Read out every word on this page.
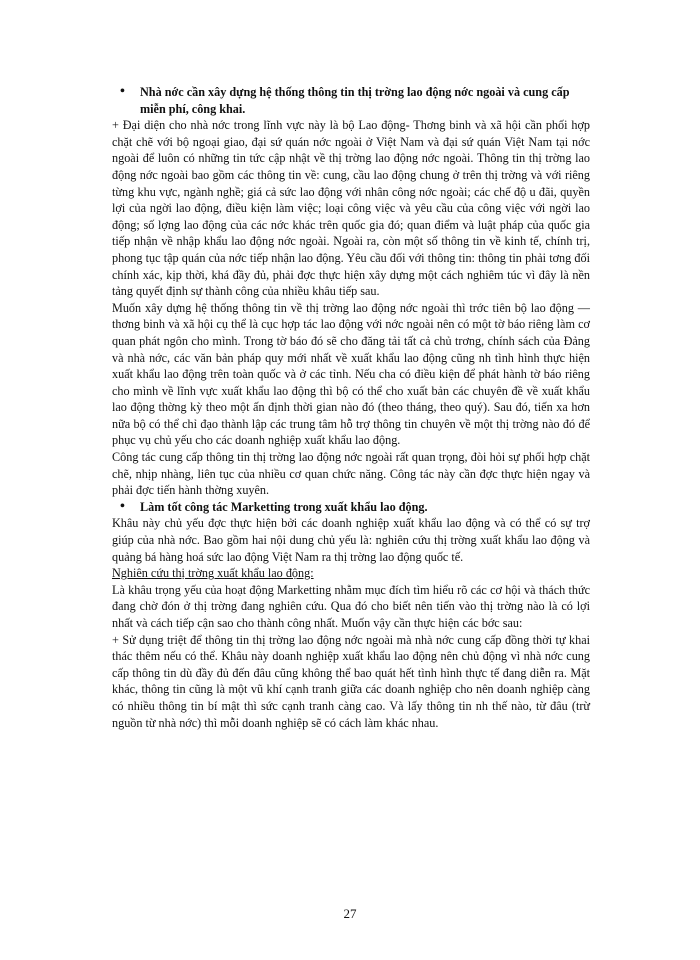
• Nhà nớc cần xây dựng hệ thống thông tin thị trờng lao động nớc ngoài và cung cấp miễn phí, công khai.

+ Đại diện cho nhà nớc trong lĩnh vực này là bộ Lao động- Thơng binh và xã hội cần phối hợp chặt chẽ với bộ ngoại giao, đại sứ quán nớc ngoài ở Việt Nam và đại sứ quán Việt Nam tại nớc ngoài để luôn có những tin tức cập nhật về thị trờng lao động nớc ngoài. Thông tin thị trờng lao động nớc ngoài bao gồm các thông tin về: cung, cầu lao động chung ở trên thị trờng và với riêng từng khu vực, ngành nghề; giá cả sức lao động với nhân công nớc ngoài; các chế độ u đãi, quyền lợi của ngời lao động, điều kiện làm việc; loại công việc và yêu cầu của công việc với ngời lao động; số lợng lao động của các nớc khác trên quốc gia đó; quan điểm và luật pháp của quốc gia tiếp nhận về nhập khẩu lao động nớc ngoài. Ngoài ra, còn một số thông tin về kinh tế, chính trị, phong tục tập quán của nớc tiếp nhận lao động. Yêu cầu đối với thông tin: thông tin phải tơng đối chính xác, kịp thời, khá đầy đủ, phải đợc thực hiện xây dựng một cách nghiêm túc vì đây là nền tảng quyết định sự thành công của nhiều khâu tiếp sau.

Muốn xây dựng hệ thống thông tin về thị trờng lao động nớc ngoài thì trớc tiên bộ lao động — thơng binh và xã hội cụ thể là cục hợp tác lao động với nớc ngoài nên có một tờ báo riêng làm cơ quan phát ngôn cho mình. Trong tờ báo đó sẽ cho đăng tải tất cả chủ trơng, chính sách của Đảng và nhà nớc, các văn bản pháp quy mới nhất về xuất khẩu lao động cũng nh tình hình thực hiện xuất khẩu lao động trên toàn quốc và ở các tỉnh. Nếu cha có điều kiện để phát hành tờ báo riêng cho mình về lĩnh vực xuất khẩu lao động thì bộ có thể cho xuất bản các chuyên đề về xuất khẩu lao động thờng kỳ theo một ấn định thời gian nào đó (theo tháng, theo quý). Sau đó, tiến xa hơn nữa bộ có thể chỉ đạo thành lập các trung tâm hỗ trợ thông tin chuyên về một thị trờng nào đó để phục vụ chủ yếu cho các doanh nghiệp xuất khẩu lao động.

Công tác cung cấp thông tin thị trờng lao động nớc ngoài rất quan trọng, đòi hỏi sự phối hợp chặt chẽ, nhịp nhàng, liên tục của nhiều cơ quan chức năng. Công tác này cần đợc thực hiện ngay và phải đợc tiến hành thờng xuyên.

• Làm tốt công tác Marketting trong xuất khẩu lao động.

Khâu này chủ yếu đợc thực hiện bởi các doanh nghiệp xuất khẩu lao động và có thể có sự trợ giúp của nhà nớc. Bao gồm hai nội dung chủ yếu là: nghiên cứu thị trờng xuất khẩu lao động và quảng bá hàng hoá sức lao động Việt Nam ra thị trờng lao động quốc tế.

Nghiên cứu thị trờng xuất khẩu lao động:

Là khâu trọng yếu của hoạt động Marketting nhằm mục đích tìm hiểu rõ các cơ hội và thách thức đang chờ đón ở thị trờng đang nghiên cứu. Qua đó cho biết nên tiến vào thị trờng nào là có lợi nhất và cách tiếp cận sao cho thành công nhất. Muốn vậy cần thực hiện các bớc sau:

+ Sử dụng triệt để thông tin thị trờng lao động nớc ngoài mà nhà nớc cung cấp đồng thời tự khai thác thêm nếu có thể. Khâu này doanh nghiệp xuất khẩu lao động nên chủ động vì nhà nớc cung cấp thông tin dù đầy đủ đến đâu cũng không thể bao quát hết tình hình thực tế đang diễn ra. Mặt khác, thông tin cũng là một vũ khí cạnh tranh giữa các doanh nghiệp cho nên doanh nghiệp càng có nhiều thông tin bí mật thì sức cạnh tranh càng cao. Và lấy thông tin nh thế nào, từ đâu (trừ nguồn từ nhà nớc) thì mỗi doanh nghiệp sẽ có cách làm khác nhau.

27
